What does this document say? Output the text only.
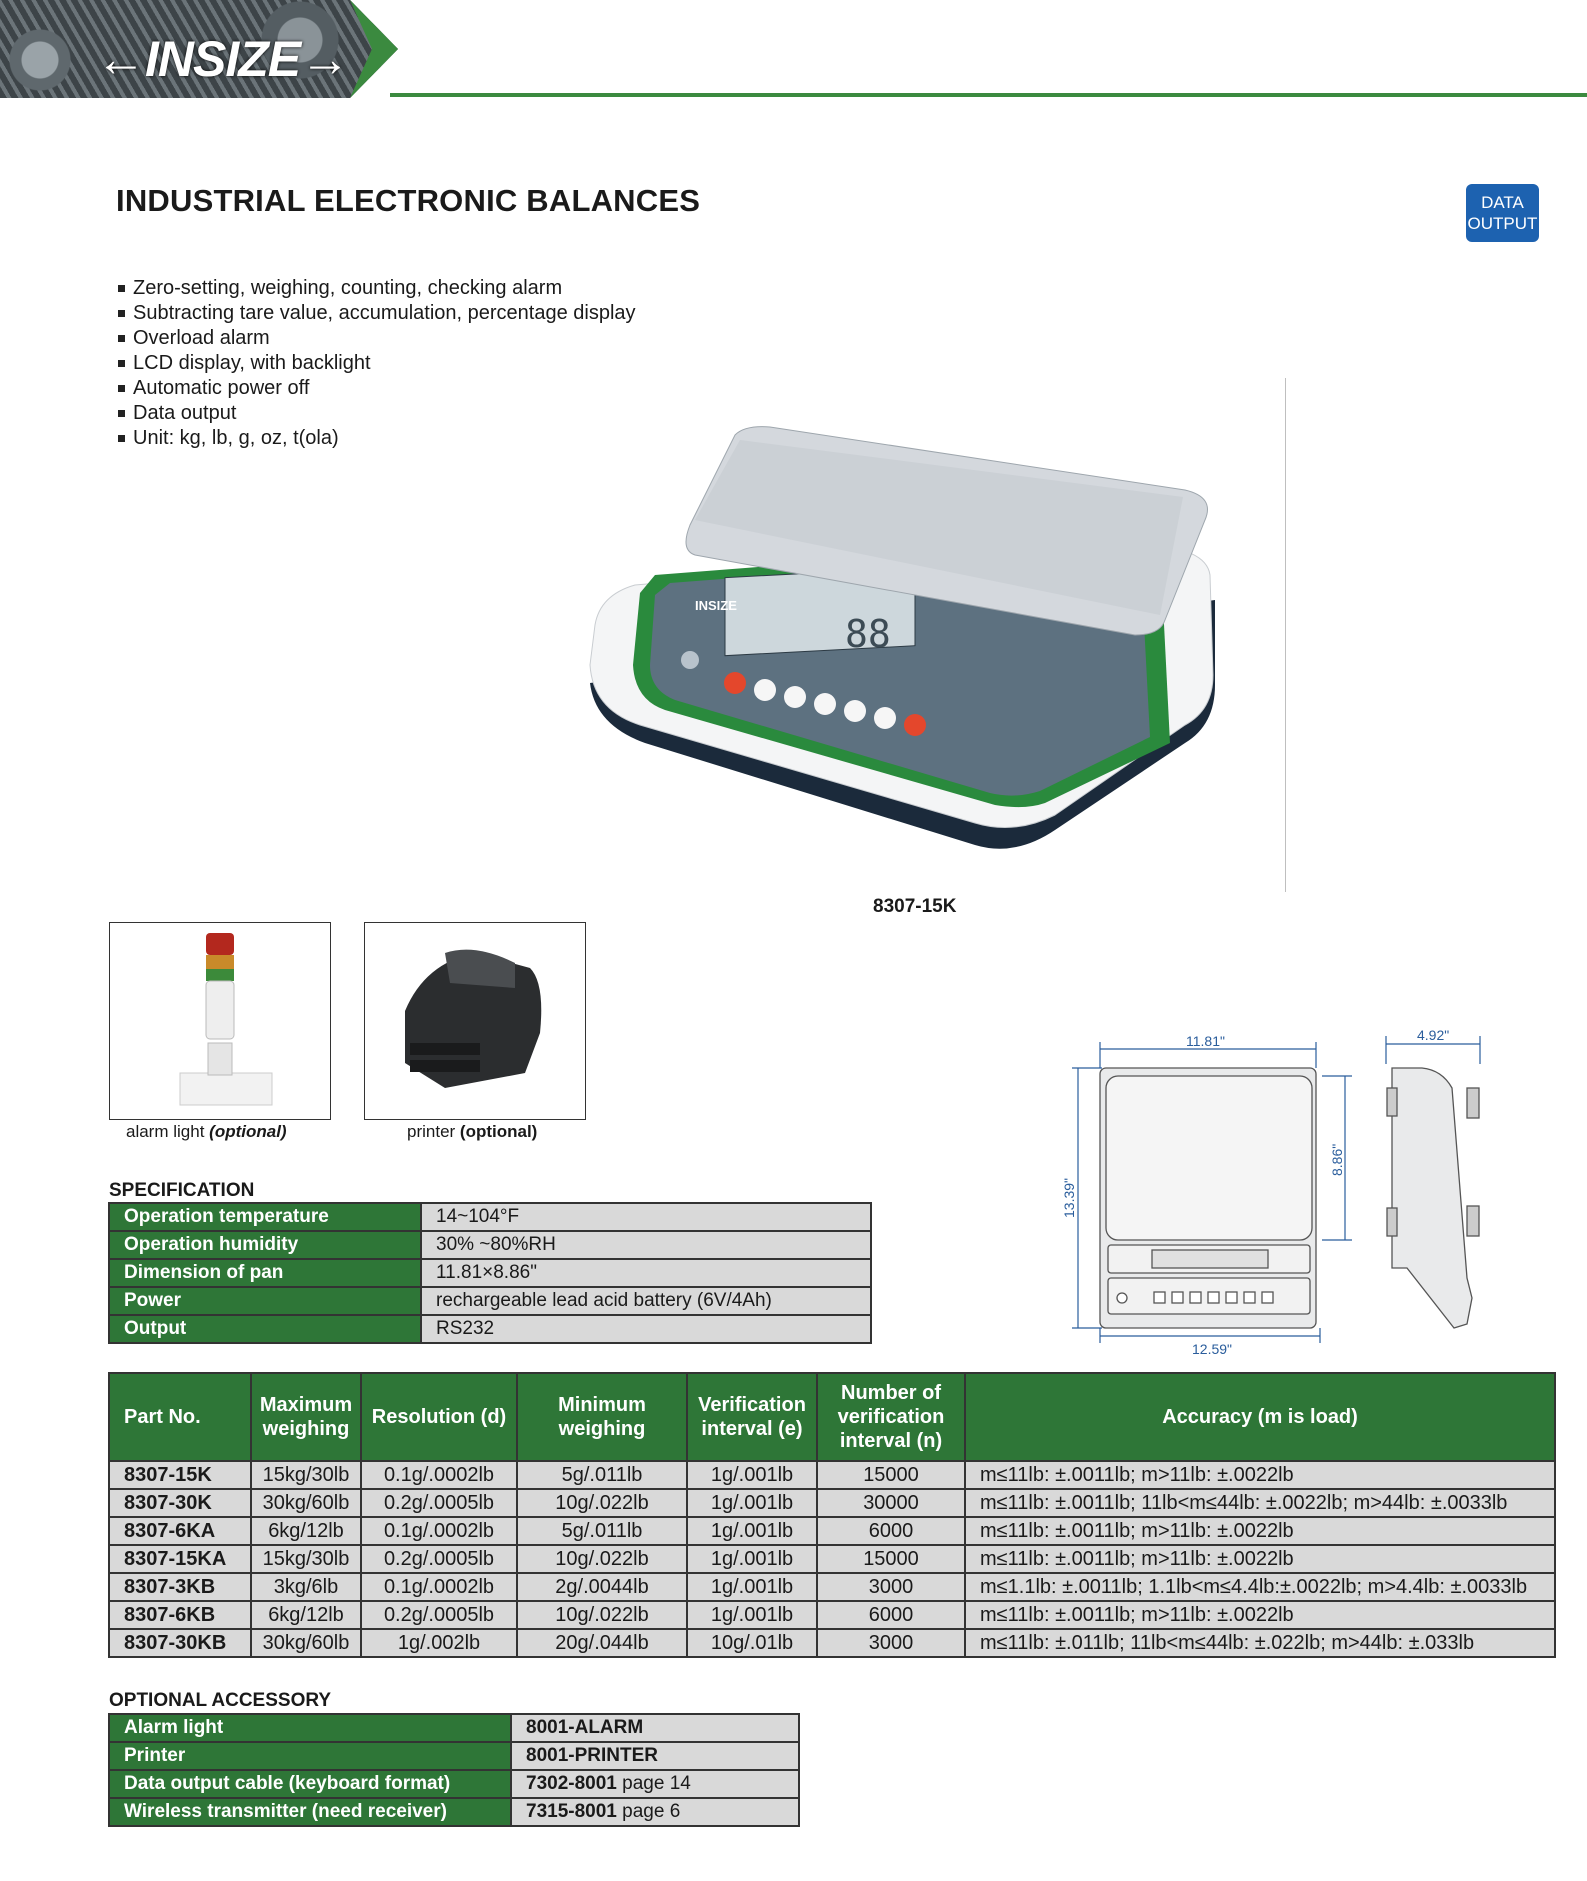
←INSIZE→
INDUSTRIAL ELECTRONIC BALANCES	DATA
OUTPUT
Zero-setting, weighing, counting, checking alarm
Subtracting tare value, accumulation, percentage display
Overload alarm
LCD display, with backlight
Automatic power off
Data output
Unit: kg, lb, g, oz, t(ola)
88
INSIZE
8307-15K
alarm light (optional)	printer (optional)
11.81"	4.92"
12.59"
13.39"
8.86"
SPECIFICATION
Operation temperature	14~104°F
Operation humidity	30% ~80%RH
Dimension of pan	11.81×8.86"
Power	rechargeable lead acid battery (6V/4Ah)
Output	RS232
Part No.	Maximum weighing	Resolution (d)	Minimum weighing	Verification interval (e)	Number of verification interval (n)	Accuracy (m is load)
8307-15K	15kg/30lb	0.1g/.0002lb	5g/.011lb	1g/.001lb	15000	m≤11lb: ±.0011lb; m>11lb: ±.0022lb
8307-30K	30kg/60lb	0.2g/.0005lb	10g/.022lb	1g/.001lb	30000	m≤11lb: ±.0011lb; 11lb<m≤44lb: ±.0022lb; m>44lb: ±.0033lb
8307-6KA	6kg/12lb	0.1g/.0002lb	5g/.011lb	1g/.001lb	6000	m≤11lb: ±.0011lb; m>11lb: ±.0022lb
8307-15KA	15kg/30lb	0.2g/.0005lb	10g/.022lb	1g/.001lb	15000	m≤11lb: ±.0011lb; m>11lb: ±.0022lb
8307-3KB	3kg/6lb	0.1g/.0002lb	2g/.0044lb	1g/.001lb	3000	m≤1.1lb: ±.0011lb; 1.1lb<m≤4.4lb:±.0022lb; m>4.4lb: ±.0033lb
8307-6KB	6kg/12lb	0.2g/.0005lb	10g/.022lb	1g/.001lb	6000	m≤11lb: ±.0011lb; m>11lb: ±.0022lb
8307-30KB	30kg/60lb	1g/.002lb	20g/.044lb	10g/.01lb	3000	m≤11lb: ±.011lb; 11lb<m≤44lb: ±.022lb; m>44lb: ±.033lb
OPTIONAL ACCESSORY
Alarm light	8001-ALARM
Printer	8001-PRINTER
Data output cable (keyboard format)	7302-8001 page 14
Wireless transmitter (need receiver)	7315-8001 page 6
